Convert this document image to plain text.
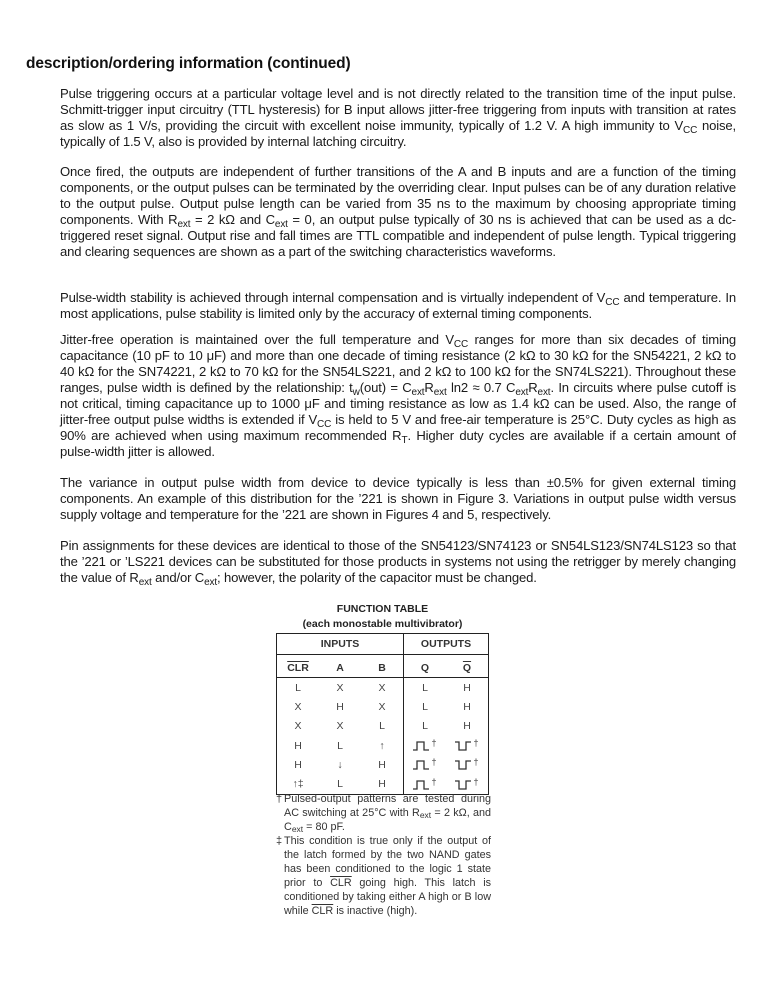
description/ordering information (continued)

Pulse triggering occurs at a particular voltage level and is not directly related to the transition time of the input pulse. Schmitt-trigger input circuitry (TTL hysteresis) for B input allows jitter-free triggering from inputs with transition at rates as slow as 1 V/s, providing the circuit with excellent noise immunity, typically of 1.2 V. A high immunity to $V_{CC}$ noise, typically of 1.5 V, also is provided by internal latching circuitry.

Once fired, the outputs are independent of further transitions of the A and B inputs and are a function of the timing components, or the output pulses can be terminated by the overriding clear. Input pulses can be of any duration relative to the output pulse. Output pulse length can be varied from 35 ns to the maximum by choosing appropriate timing components. With $R_{ext} = 2$ kΩ and $C_{ext} = 0$, an output pulse typically of 30 ns is achieved that can be used as a dc-triggered reset signal. Output rise and fall times are TTL compatible and independent of pulse length. Typical triggering and clearing sequences are shown as a part of the switching characteristics waveforms.

Pulse-width stability is achieved through internal compensation and is virtually independent of $V_{CC}$ and temperature. In most applications, pulse stability is limited only by the accuracy of external timing components.

Jitter-free operation is maintained over the full temperature and $V_{CC}$ ranges for more than six decades of timing capacitance (10 pF to 10 μF) and more than one decade of timing resistance (2 kΩ to 30 kΩ for the SN54221, 2 kΩ to 40 kΩ for the SN74221, 2 kΩ to 70 kΩ for the SN54LS221, and 2 kΩ to 100 kΩ for the SN74LS221). Throughout these ranges, pulse width is defined by the relationship: $t_w(out) = C_{ext}R_{ext}$ ln2 ≈ 0.7 $C_{ext}R_{ext}$. In circuits where pulse cutoff is not critical, timing capacitance up to 1000 μF and timing resistance as low as 1.4 kΩ can be used. Also, the range of jitter-free output pulse widths is extended if $V_{CC}$ is held to 5 V and free-air temperature is 25°C. Duty cycles as high as 90% are achieved when using maximum recommended $R_T$. Higher duty cycles are available if a certain amount of pulse-width jitter is allowed.

The variance in output pulse width from device to device typically is less than ±0.5% for given external timing components. An example of this distribution for the ’221 is shown in Figure 3. Variations in output pulse width versus supply voltage and temperature for the ’221 are shown in Figures 4 and 5, respectively.

Pin assignments for these devices are identical to those of the SN54123/SN74123 or SN54LS123/SN74LS123 so that the ’221 or ’LS221 devices can be substituted for those products in systems not using the retrigger by merely changing the value of $R_{ext}$ and/or $C_{ext}$; however, the polarity of the capacitor must be changed.

FUNCTION TABLE
(each monostable multivibrator)
INPUTS			OUTPUTS	
$\overline{CLR}$	A	B	Q	$\overline{Q}$
L	X	X	L	H
X	H	X	L	H
X	X	L	L	H
H	L	↑	†	†
H	↓	H	†	†
↑‡	L	H	†	†
† Pulsed-output patterns are tested during AC switching at 25°C with $R_{ext} = 2$ kΩ, and $C_{ext} = 80$ pF.
‡ This condition is true only if the output of the latch formed by the two NAND gates has been conditioned to the logic 1 state prior to $\overline{CLR}$ going high. This latch is conditioned by taking either A high or B low while $\overline{CLR}$ is inactive (high).
